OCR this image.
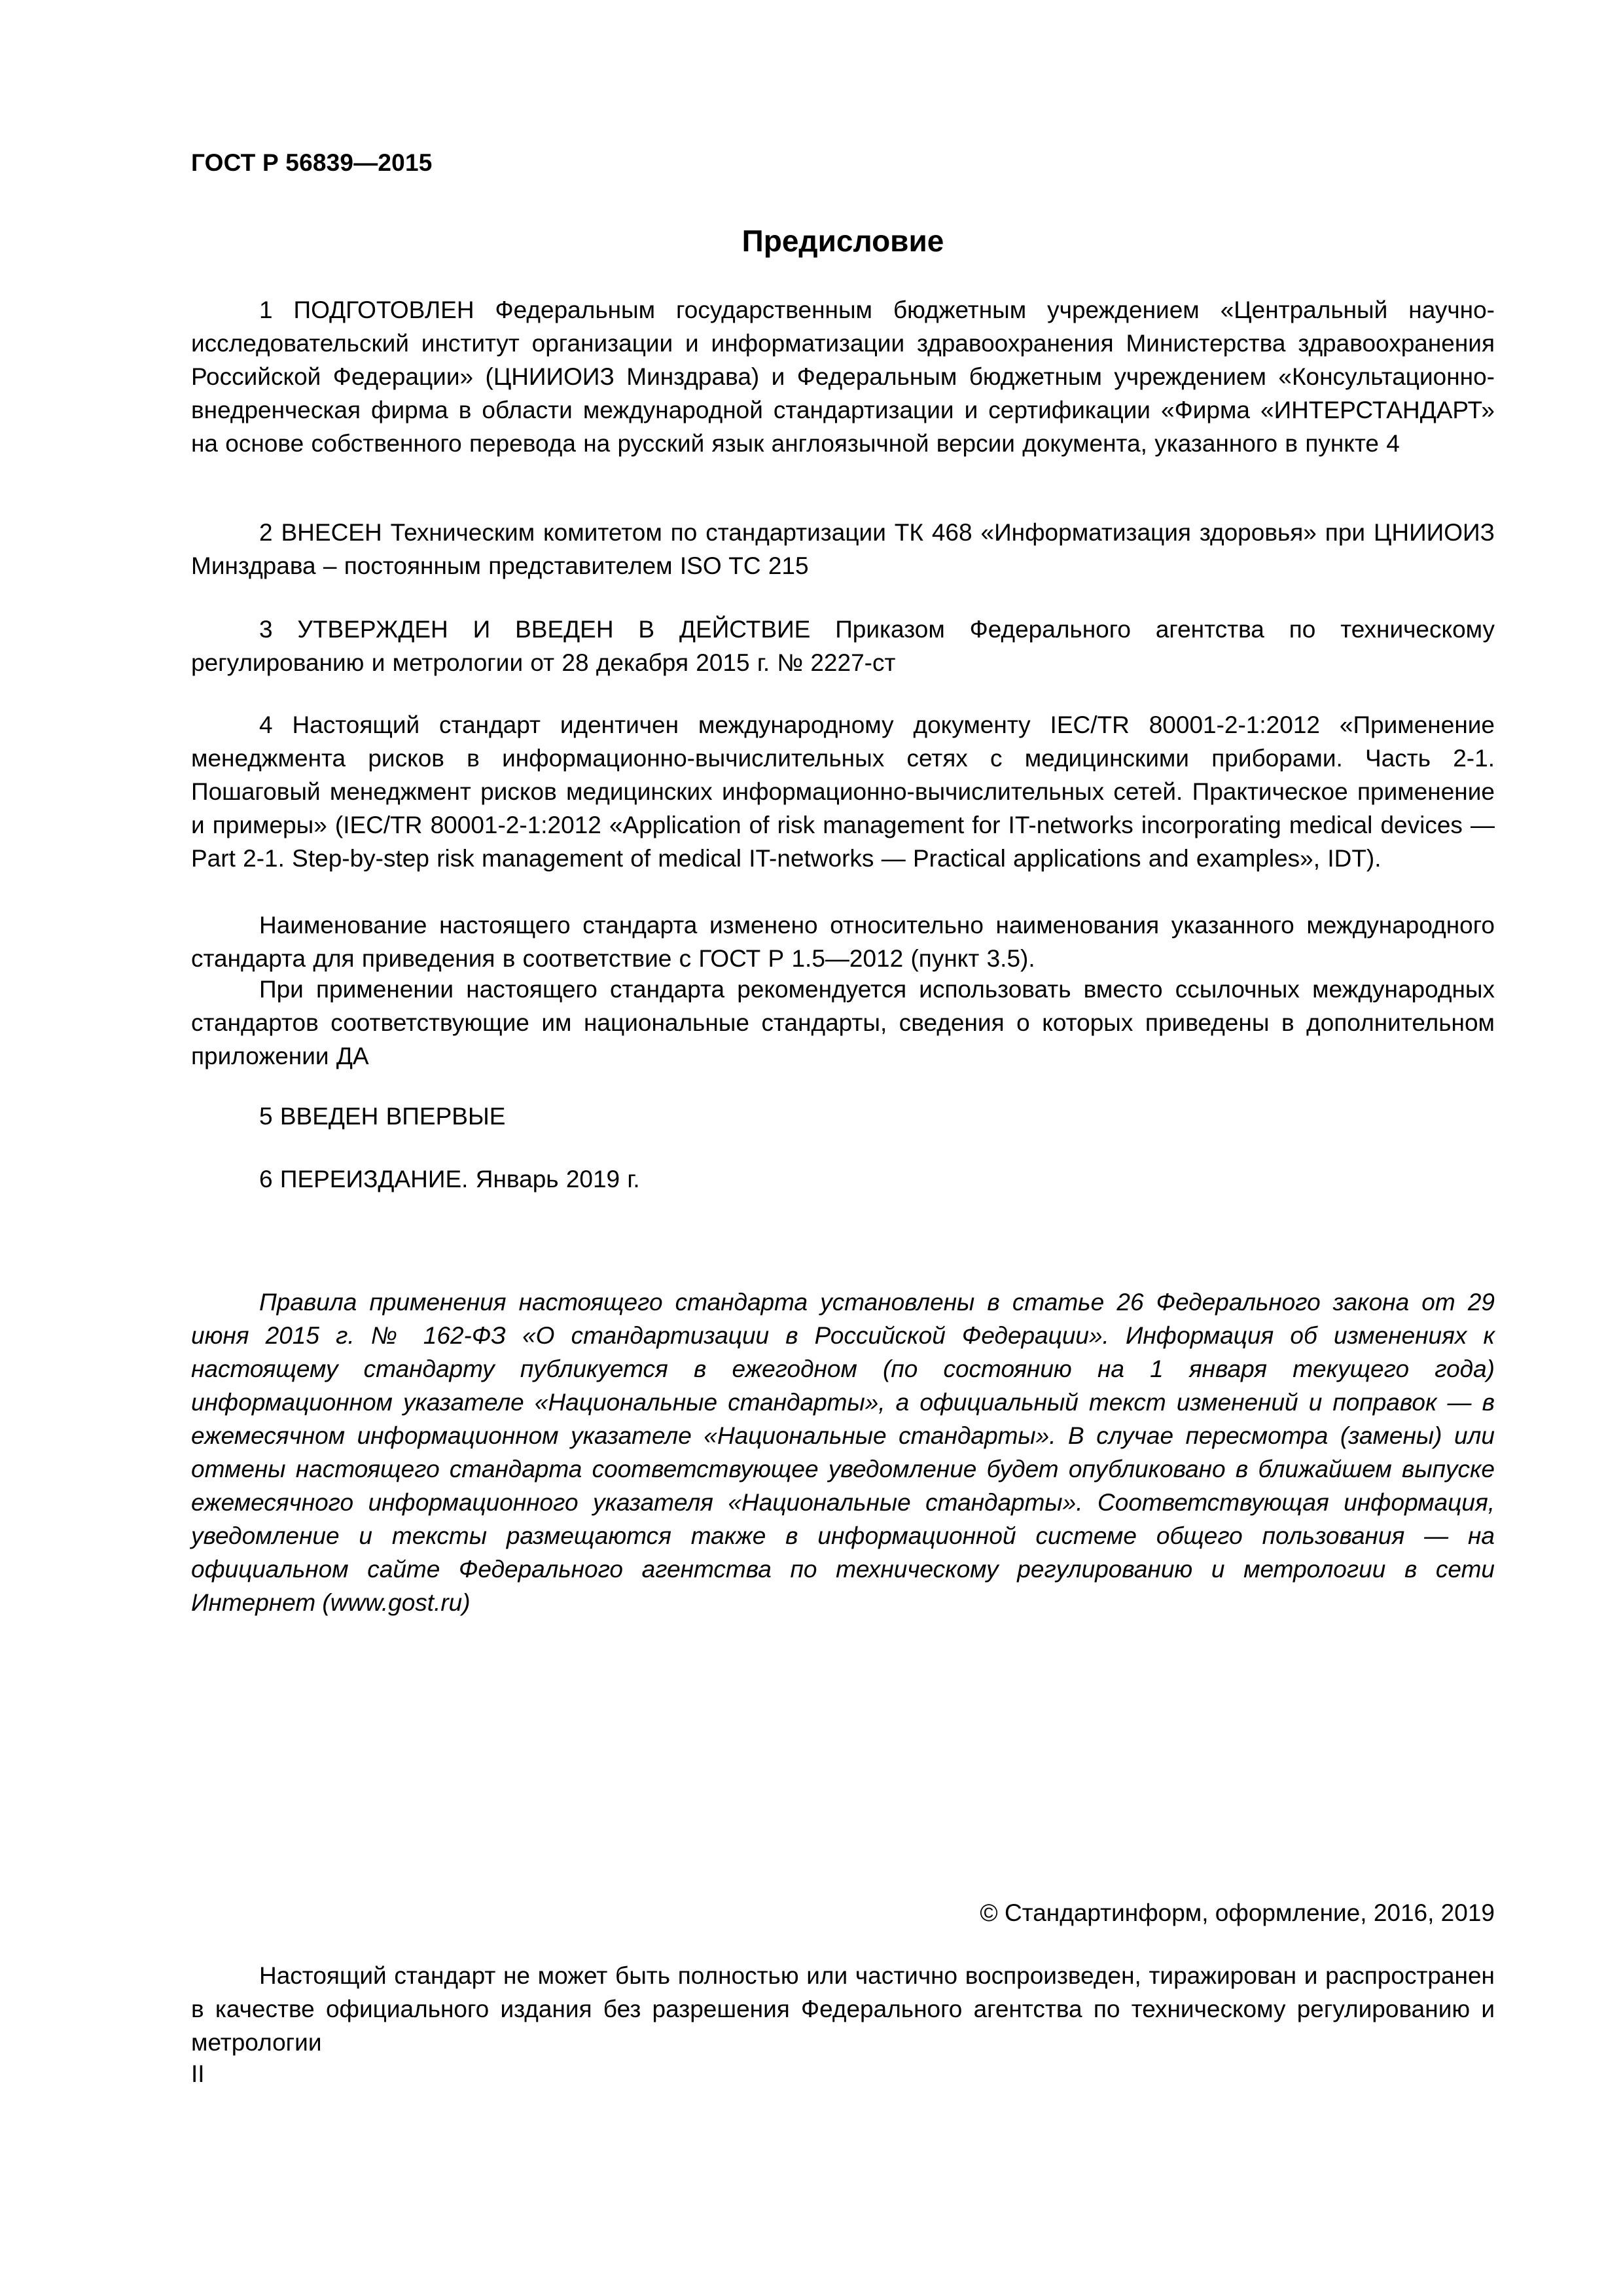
ГОСТ Р 56839—2015
Предисловие

1 ПОДГОТОВЛЕН Федеральным государственным бюджетным учреждением «Центральный научно-исследовательский институт организации и информатизации здравоохранения Министерства здравоохранения Российской Федерации» (ЦНИИОИЗ Минздрава) и Федеральным бюджетным учреждением «Консультационно-внедренческая фирма в области международной стандартизации и сертификации «Фирма «ИНТЕРСТАНДАРТ» на основе собственного перевода на русский язык англоязычной версии документа, указанного в пункте 4

2 ВНЕСЕН Техническим комитетом по стандартизации ТК 468 «Информатизация здоровья» при ЦНИИОИЗ Минздрава – постоянным представителем ISO TC 215

3 УТВЕРЖДЕН И ВВЕДЕН В ДЕЙСТВИЕ Приказом Федерального агентства по техническому регулированию и метрологии от 28 декабря 2015 г. № 2227-ст

4 Настоящий стандарт идентичен международному документу IEC/TR 80001-2-1:2012 «Применение менеджмента рисков в информационно-вычислительных сетях с медицинскими приборами. Часть 2-1. Пошаговый менеджмент рисков медицинских информационно-вычислительных сетей. Практическое применение и примеры» (IEC/TR 80001-2-1:2012 «Application of risk management for IT-networks incorporating medical devices — Part 2-1. Step-by-step risk management of medical IT-networks — Practical applications and examples», IDT).

Наименование настоящего стандарта изменено относительно наименования указанного международного стандарта для приведения в соответствие с ГОСТ Р 1.5—2012 (пункт 3.5).

При применении настоящего стандарта рекомендуется использовать вместо ссылочных международных стандартов соответствующие им национальные стандарты, сведения о которых приведены в дополнительном приложении ДА

5 ВВЕДЕН ВПЕРВЫЕ

6 ПЕРЕИЗДАНИЕ. Январь 2019 г.

Правила применения настоящего стандарта установлены в статье 26 Федерального закона от 29 июня 2015 г. № 162-ФЗ «О стандартизации в Российской Федерации». Информация об изменениях к настоящему стандарту публикуется в ежегодном (по состоянию на 1 января текущего года) информационном указателе «Национальные стандарты», а официальный текст изменений и поправок — в ежемесячном информационном указателе «Национальные стандарты». В случае пересмотра (замены) или отмены настоящего стандарта соответствующее уведомление будет опубликовано в ближайшем выпуске ежемесячного информационного указателя «Национальные стандарты». Соответствующая информация, уведомление и тексты размещаются также в информационной системе общего пользования — на официальном сайте Федерального агентства по техническому регулированию и метрологии в сети Интернет (www.gost.ru)

© Стандартинформ, оформление, 2016, 2019

Настоящий стандарт не может быть полностью или частично воспроизведен, тиражирован и распространен в качестве официального издания без разрешения Федерального агентства по техническому регулированию и метрологии

II
